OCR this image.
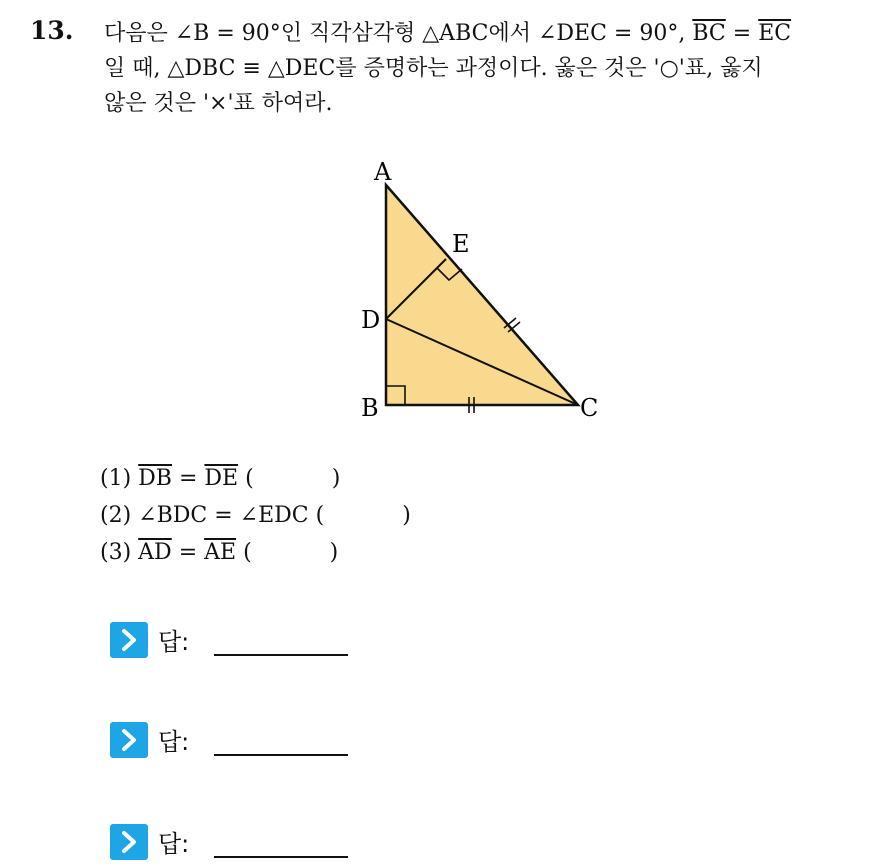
13. 다음은 ∠B = 90°인 직각삼각형 △ABC에서 ∠DEC = 90°, $\overline{BC} = \overline{EC}$
일 때, △DBC ≡ △DEC를 증명하는 과정이다. 옳은 것은 '○'표, 옳지
않은 것은 '×'표 하여라.
A
E
D
B	C
(1) $\overline{DB} = \overline{DE}$ (	)
(2) ∠BDC = ∠EDC (	)
(3) $\overline{AD} = \overline{AE}$ (	)
답:
답:
답:
